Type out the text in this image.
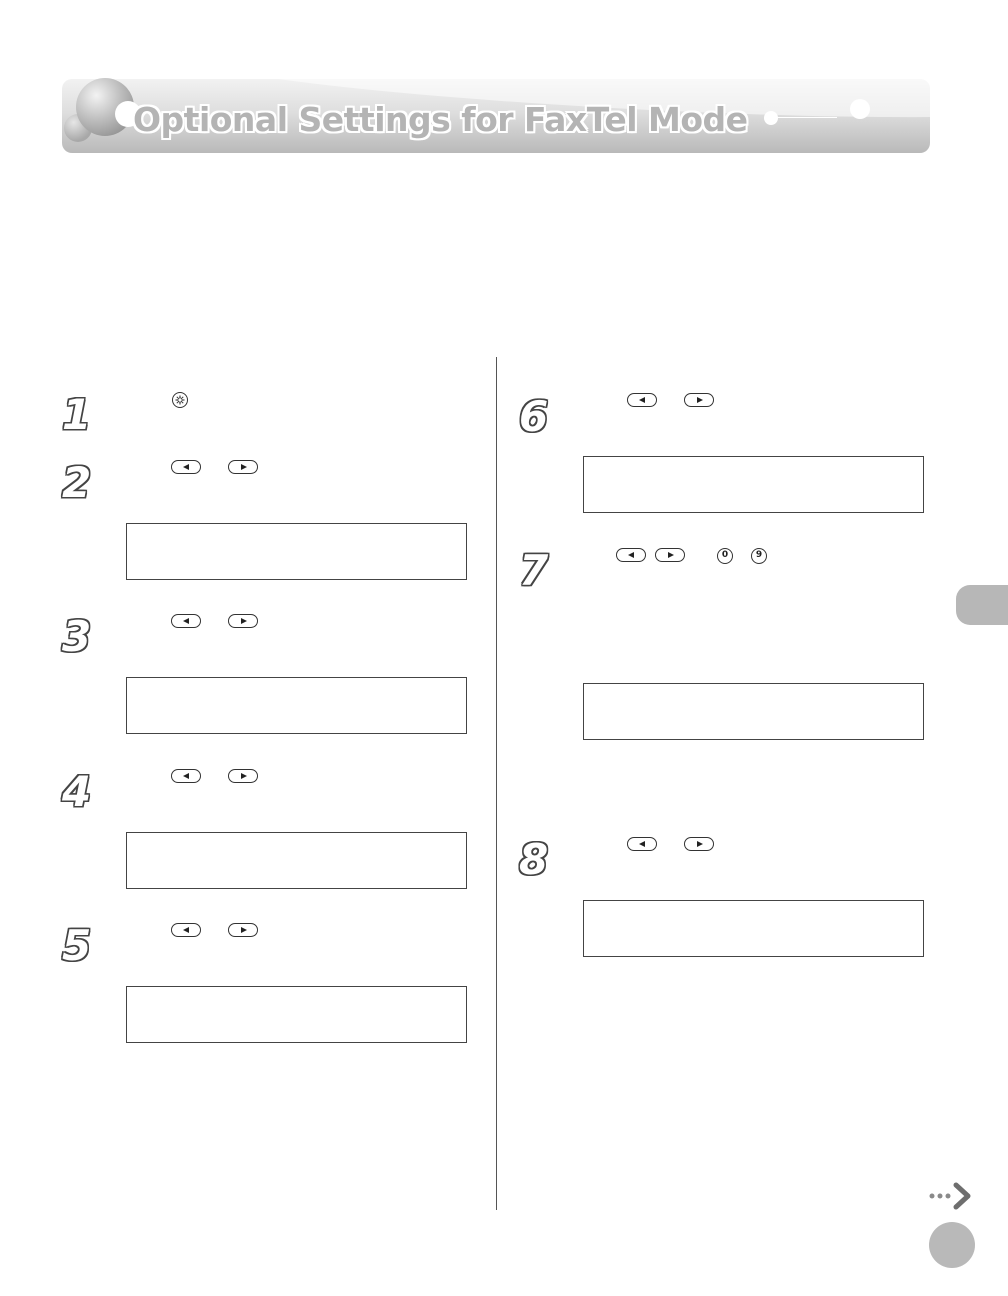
Optional Settings for FaxTel Mode
1
2
3
4
5
6
7	0	9
8
